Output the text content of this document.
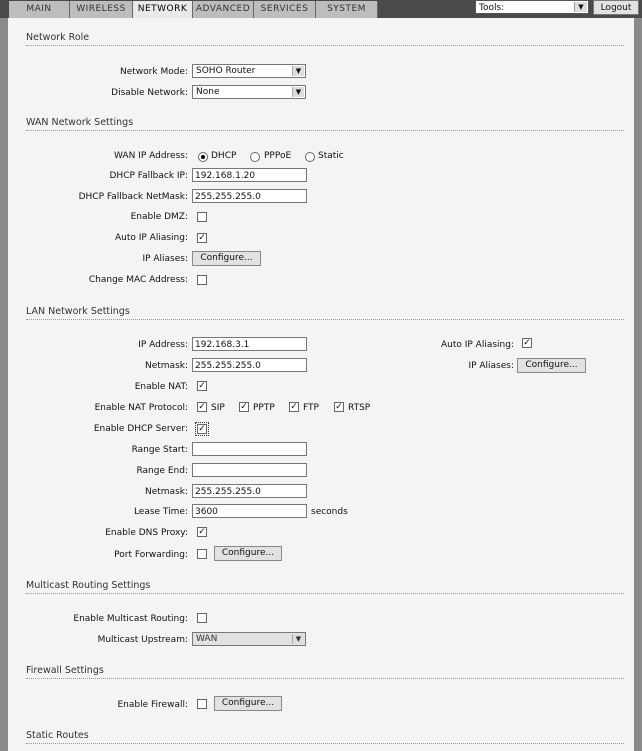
MAIN	WIRELESS	NETWORK ADVANCED	SERVICES	SYSTEM	Tools:	▼	Logout
Network Role
Network Mode: SOHO Router	▼
Disable Network: None	▼
WAN Network Settings
WAN IP Address:	DHCP	PPPoE	Static
DHCP Fallback IP: 192.168.1.20
DHCP Fallback NetMask: 255.255.255.0
Enable DMZ:
Auto IP Aliasing: ✓
IP Aliases:	Configure...
Change MAC Address:
LAN Network Settings
IP Address: 192.168.3.1	Auto IP Aliasing: ✓
Netmask: 255.255.255.0	IP Aliases:	Configure...
Enable NAT: ✓
Enable NAT Protocol: ✓ SIP ✓ PPTP ✓ FTP ✓ RTSP
Enable DHCP Server: ✓
Range Start:
Range End:
Netmask: 255.255.255.0
Lease Time: 3600	seconds
Enable DNS Proxy: ✓
Port Forwarding:	Configure...
Multicast Routing Settings
Enable Multicast Routing:
Multicast Upstream: WAN	▼
Firewall Settings
Enable Firewall:	Configure...
Static Routes
